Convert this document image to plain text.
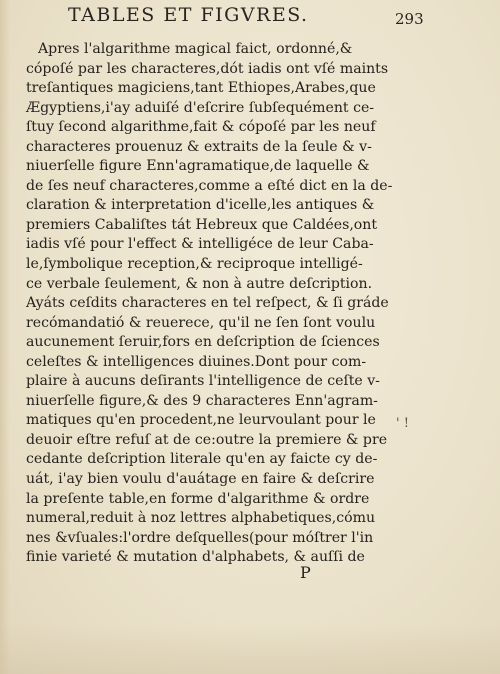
TABLES ET FIGVRES.	293
Apres l'algarithme magical faict, ordonné,&
cópoſé par les characteres,dót iadis ont vſé maints
treſantiques magiciens,tant Ethiopes,Arabes,que
Ægyptiens,i'ay aduiſé d'eſcrire ſubſequément ce-
ſtuy ſecond algarithme,fait & cópoſé par les neuf
characteres prouenuz & extraits de la ſeule & v-
niuerſelle figure Enn'agramatique,de laquelle &
de ſes neuf characteres,comme a eſté dict en la de-
claration & interpretation d'icelle,les antiques &
premiers Cabaliſtes tát Hebreux que Caldées,ont
iadis vſé pour l'effect & intelligéce de leur Caba-
le,ſymbolique reception,& reciproque intelligé-
ce verbale ſeulement, & non à autre deſcription.
Ayáts ceſdits characteres en tel reſpect, & ſi gráde
recómandatió & reuerece, qu'il ne ſen ſont voulu
aucunement ſeruir,fors en deſcription de ſciences
celeſtes & intelligences diuines.Dont pour com-
plaire à aucuns deſirants l'intelligence de ceſte v-
niuerſelle figure,& des 9 characteres Enn'agram-
matiques qu'en procedent,ne leurvoulant pour le
deuoir eſtre refuſ at de ce:outre la premiere & pre
cedante deſcription literale qu'en ay faicte cy de-
uát, i'ay bien voulu d'auátage en faire & deſcrire
la preſente table,en forme d'algarithme & ordre
numeral,reduit à noz lettres alphabetiques,cómu
nes &vſuales:l'ordre deſquelles(pour móſtrer l'in
finie varieté & mutation d'alphabets, & auſſi de
' !
P
